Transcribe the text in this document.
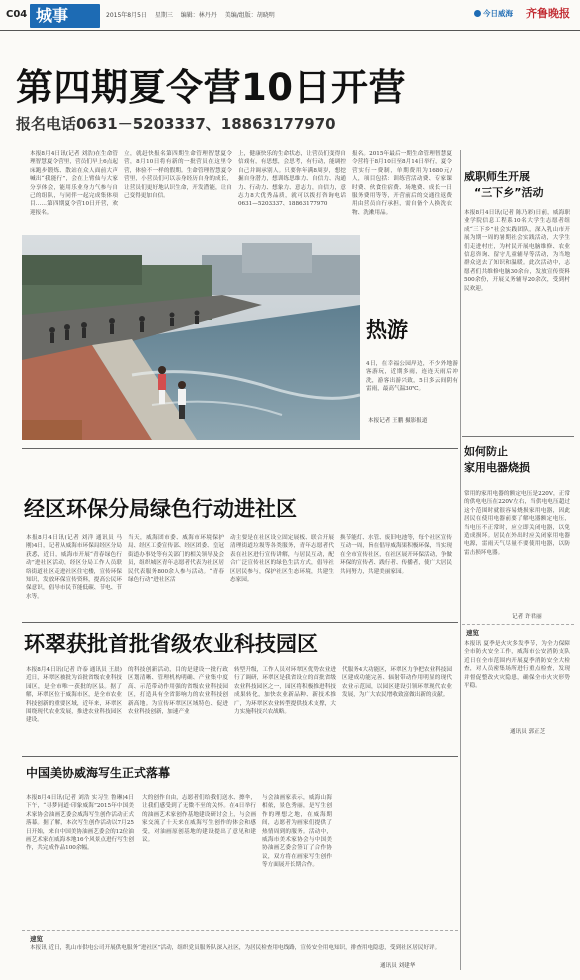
C04 城事	2015年8月5日 星期三 编辑：林丹丹 美编/组版：胡晓明	今日威海 齐鲁晚报
第四期夏令营10日开营
报名电话0631－5203337、18863177970
本报8月4日讯(记者 刘浩)在生命管理智慧夏令营里，营员们早上6点起床跑步锻炼、散站在众人面前大声喊出“我能行”，会在上臂仙与大家分享体会，能用乐业身力气参与自己的组队，与同伴一起完成集体项目……第四期夏令营10日开营，欢迎报名。
立，就赶快报名第四期生命管理智慧夏令营，8月10日将有新的一批营员在这里令营，体验不一样的假期。生命管理智慧夏令营里，小营员们可以亲身经历自身的成长，让营员们更好地认识生命，开发潜能，让自己变得更加自信。
上，健康快乐的生命状态，让营员们变得自信戏有，有思想，会思考，有行动，能调控自己并调承别人。只要你年满8周岁，想挖掘自身潜力，想训练思维力、自信力、沟通力、行动力、想象力、意志力，自信力，意志力8大优秀品质，就可以拨打咨询电话0631—5203337、18863177970
报名。2015年最后一期生命管理智慧夏令营将于8月10日至8月14日举行，夏令营实行一费制，单期费用为1680元/人，项目包括：训练营活动费、专家课时费、伙食住宿费、场地费、成长一日服务费用等等，开营前后的交通往返费用由营员自行承担，需自备个人换洗衣物、洗漱用品。
热游
4日，在幸福公园岸边，不少外地游客游玩，近期多雨，连连天雨后冲洗，游客出游兴致，5日多云间阴有雷雨，最高气温30℃。
本报记者 王鹏 摄影报道
经区环保分局绿色行动进社区
本报8月4日讯(记者 刘洋 通讯员 马刚)4日，记者从威海市环保局经区分局获悉，近日，威海市开展“青春绿色行动”进社区活动，经区分局工作人员联络街道社区走进社区住宅楼，宣传环保知识，发放环保宣传资料，提高公民环保意识，倡导市民节能低碳、节电、节水等。
当天，威海团市委、威海市环境保护局、经区工委宣传部、经区团委、皇冠街道办事处等有关部门的相关领导及会员，组织城区青年志愿者代表为社区居民代表服务800余人参与活动。“青春绿色行动”进社区活
动主要是在社区设立固定展板、联合开展清理街道垃圾等各类服务，青年志愿者代表在社区进行宣传讲解，与居民互动，配合广泛宣传社区的绿色生活方式，倡导社区居民参与，保护社区生态环境，共建生态家园。
换节能灯、水管、废旧电池等，每个社区宣传互动一周，旨在倡导威海果积极环保，当实现在全市宣传社区，在社区展开环保活动，争做环保的宣传者、践行者、传播者，使广大居民共同努力，共建美丽家园。
环翠获批首批省级农业科技园区
本报8月4日讯(记者 许泰 通讯员 王晨)近日，环翠区被批为首批省级农业科技园区，是全市唯一获批的区县。据了解，环翠区位于威海市区，是全市农业科技创新的重要区域，近年来，环翠区围绕现代农业发展，推进农业科技园区建设。
的科技创新活动，目的是建设一批行政区划清晰、管理机构明确、产业集中度高、示范带动作用强的省级农业科技园区，打造具有全省影响力的农业科技创新高地。为宣传环翠区区域特色、促进农业科技创新，加速产业
转型升级，工作人员对环翠区优势农业进行了调研，环翠区是我省设立的首批省级农业科技园区之一，园区将积极推进科技成果转化，加快农业新品种、新技术推广，为环翠区农业转型提供技术支撑，大力实施科技兴农战略。
代服务4大功能区，环翠区力争把农业科技园区建成功能完善、辐射带动作用明显的现代农业示范园，以园区建设引领环翠现代农业发展，为广大农民增收致富做出新的贡献。
中国美协威海写生正式落幕
本报8月4日讯(记者 刘浩 实习生 鲁琳)4日下午，“寻梦同道·印象威海”2015年中国美术家协会油画艺委会威海写生创作活动正式落幕。据了解，本次写生创作活动以7月25日开始，来自中国美协油画艺委会的12位油画艺术家在威海本地16个风景点进行写生创作，共完成作品100余幅。
大的创作自由，志愿者们给我们送水、擦伞，让我们感受到了无微不至的关怀。在4日举行的油画艺术家创作基地建设研讨会上，与会画家交流了十天来在威海写生创作的体会和感受，对油画原创基地的建设提出了意见和建议。
与会油画家表示，威海山海相依，景色秀丽，是写生创作的理想之地，在威海期间，志愿者为画家们提供了热情周到的服务。活动中，威海市美术家协会与中国美协油画艺委会签订了合作协议，双方将在画家写生创作等方面展开长期合作。
速览
本报讯 近日，乳山市供电公司开展供电服务“进社区”活动，组织党员服务队深入社区，为居民检查用电线路，宣传安全用电知识，排查用电隐患，受到社区居民好评。
通讯员 刘建华
威职师生开展
“三下乡”活动
本报8月4日讯(记者 陈乃彩)日前，威海职业学院信息工程系10名大学生志愿者组成“三下乡”社会实践团队，深入乳山市开展为期一周的暑期社会实践活动，大学生们走进村庄，为村民开展电脑维修、农业信息咨询、留守儿童辅导等活动，为当地群众送去了知识和温暖。此次活动中，志愿者们共维修电脑30余台，发放宣传资料500余份，开展义务辅导20余次，受到村民欢迎。
如何防止
家用电器烧损
常用的家用电器的额定电压是220V，正常的供电电压在220V左右，当供电电压超过这个范围时就很容易烧损家用电器，因此居民在使用电器前要了解电器额定电压，当电压不正常时，应立即关闭电器，以免造成损坏。居民在外出时应关闭家用电器电源，雷雨天气尽量不要使用电器，以防雷击损坏电器。
记者 许君丽
速览
本报讯 夏季是火灾多发季节，为全力保障全市防火安全工作，威海市公安消防支队近日在全市范围内开展夏季消防安全大检查，对人员密集场所进行重点检查，发现并督促整改火灾隐患，确保全市火灾形势平稳。
通讯员 郭正芝
